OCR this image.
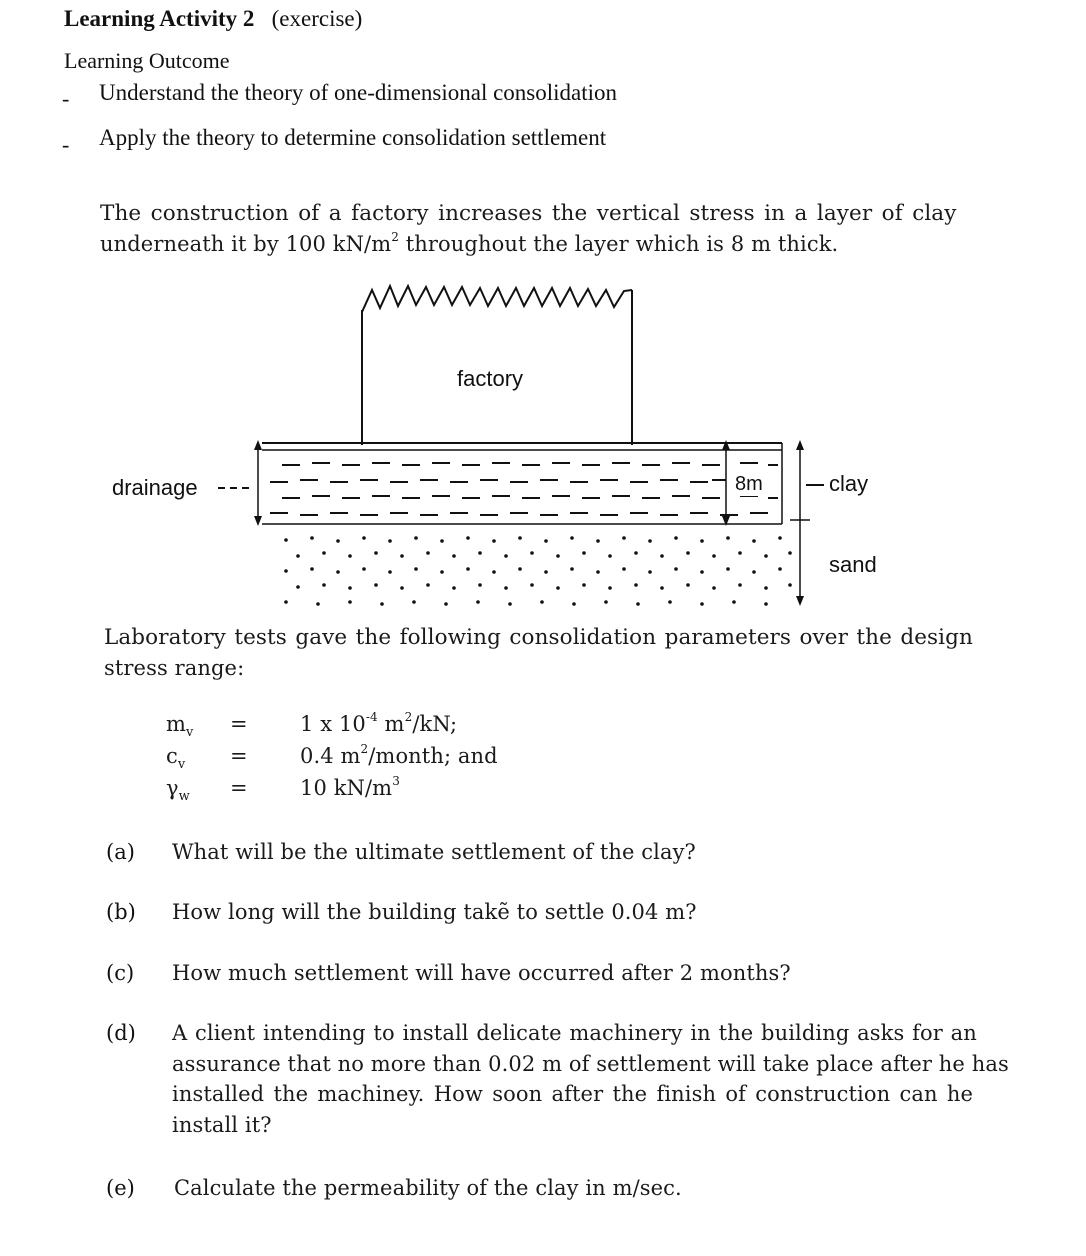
Learning Activity 2 (exercise)
Learning Outcome
- Understand the theory of one-dimensional consolidation
- Apply the theory to determine consolidation settlement
The construction of a factory increases the vertical stress in a layer of clay
underneath it by 100 $kN/m^2$ throughout the layer which is 8 m thick.
factory
drainage	8m	clay
sand
Laboratory tests gave the following consolidation parameters over the design
stress range:
$m_v = 1$ x $10^{-4}$ $m^2/kN$;
$c_v = 0.4$ $m^2$/month; and
$\gamma_w = 10$ $kN/m^3$
(a) What will be the ultimate settlement of the clay?
(b) How long will the building takẽ to settle 0.04 m?
(c) How much settlement will have occurred after 2 months?
(d) A client intending to install delicate machinery in the building asks for an
assurance that no more than 0.02 m of settlement will take place after he has
installed the machiney. How soon after the finish of construction can he
install it?
(e) Calculate the permeability of the clay in m/sec.
